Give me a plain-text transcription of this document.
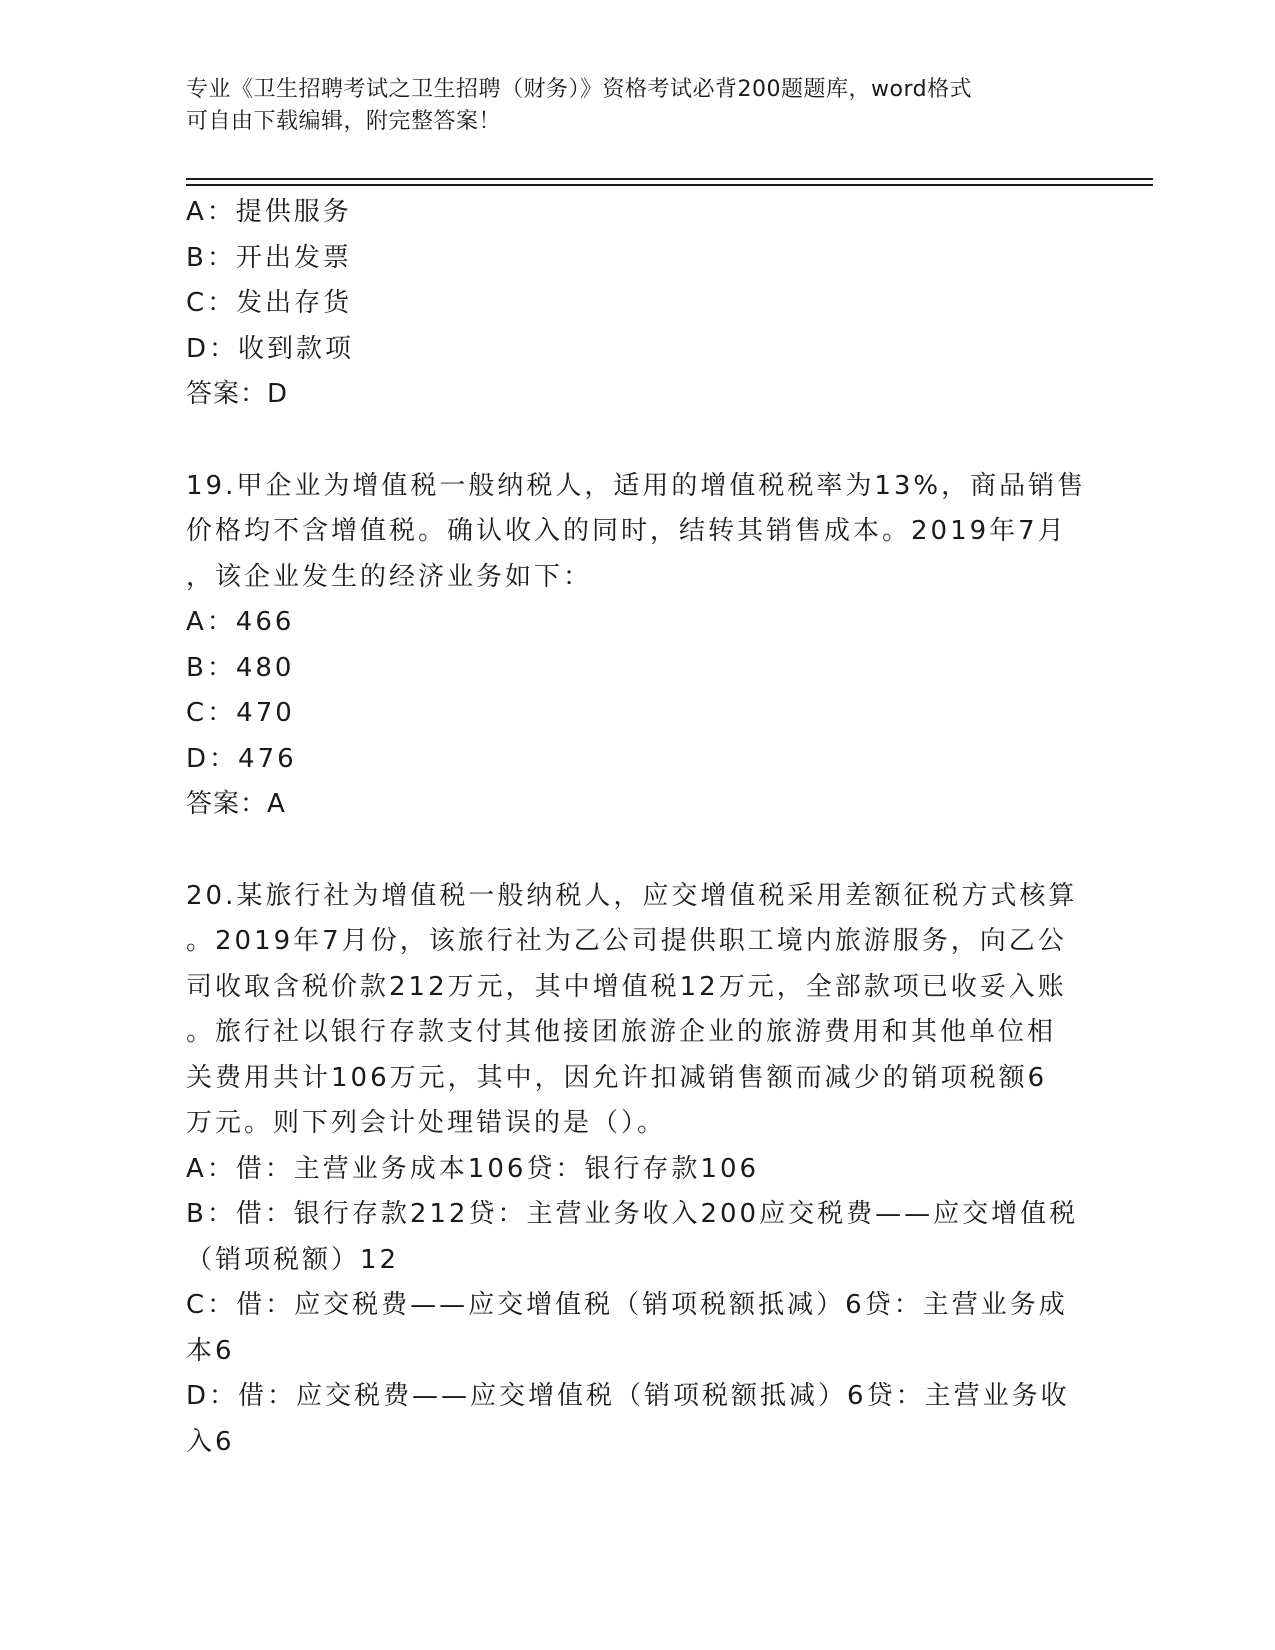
专业《卫生招聘考试之卫生招聘（财务）》资格考试必背200题题库，word格式
可自由下载编辑，附完整答案！
A：提供服务
B：开出发票
C：发出存货
D：收到款项
答案：D
19.甲企业为增值税一般纳税人，适用的增值税税率为13%，商品销售
价格均不含增值税。确认收入的同时，结转其销售成本。2019年7月
，该企业发生的经济业务如下：
A：466
B：480
C：470
D：476
答案：A
20.某旅行社为增值税一般纳税人，应交增值税采用差额征税方式核算
。2019年7月份，该旅行社为乙公司提供职工境内旅游服务，向乙公
司收取含税价款212万元，其中增值税12万元，全部款项已收妥入账
。旅行社以银行存款支付其他接团旅游企业的旅游费用和其他单位相
关费用共计106万元，其中，因允许扣减销售额而减少的销项税额6
万元。则下列会计处理错误的是（）。
A：借：主营业务成本106贷：银行存款106
B：借：银行存款212贷：主营业务收入200应交税费——应交增值税
（销项税额）12
C：借：应交税费——应交增值税（销项税额抵减）6贷：主营业务成
本6
D：借：应交税费——应交增值税（销项税额抵减）6贷：主营业务收
入6
